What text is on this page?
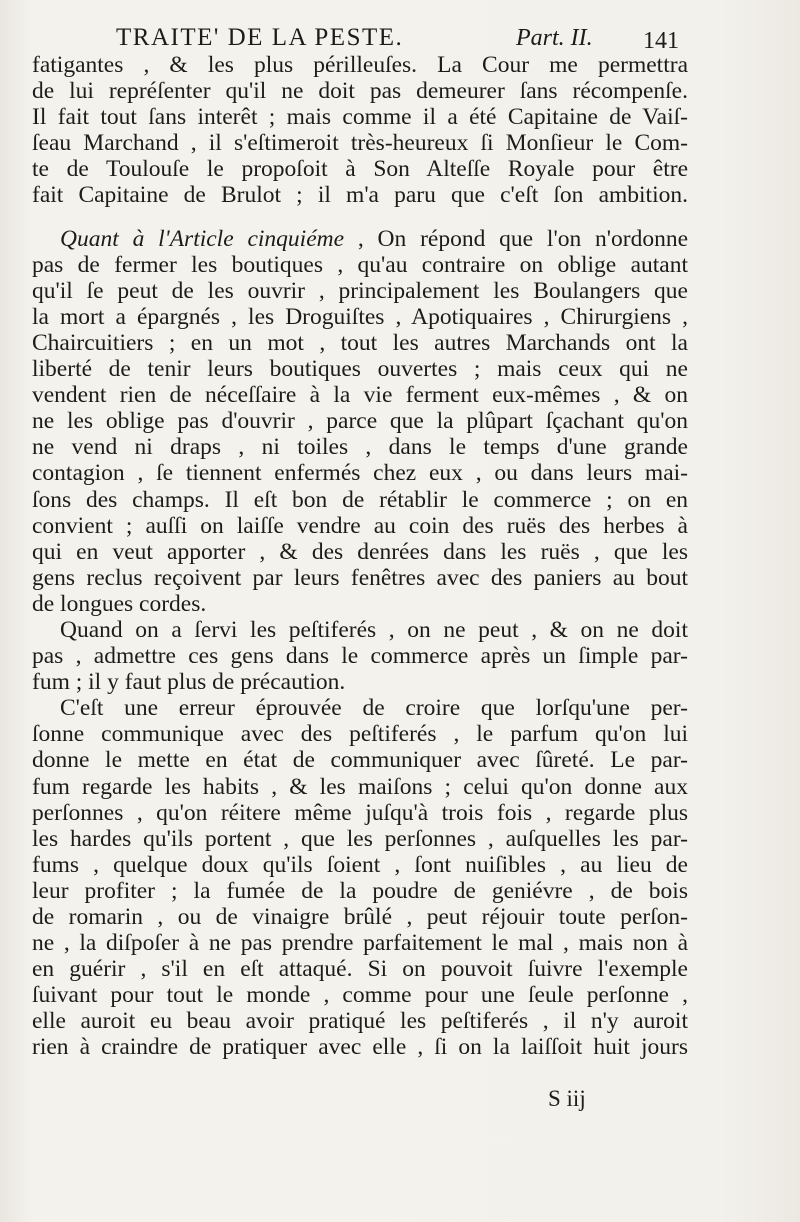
TRAITE' DE LA PESTE.	Part. II. 141
fatigantes , & les plus périlleuſes. La Cour me permettra
de lui repréſenter qu'il ne doit pas demeurer ſans récompenſe.
Il fait tout ſans interêt ; mais comme il a été Capitaine de Vaiſ-
ſeau Marchand , il s'eſtimeroit très-heureux ſi Monſieur le Com-
te de Toulouſe le propoſoit à Son Alteſſe Royale pour être
fait Capitaine de Brulot ; il m'a paru que c'eſt ſon ambition.
Quant à l'Article cinquiéme , On répond que l'on n'ordonne
pas de fermer les boutiques , qu'au contraire on oblige autant
qu'il ſe peut de les ouvrir , principalement les Boulangers que
la mort a épargnés , les Droguiſtes , Apotiquaires , Chirurgiens ,
Chaircuitiers ; en un mot , tout les autres Marchands ont la
liberté de tenir leurs boutiques ouvertes ; mais ceux qui ne
vendent rien de néceſſaire à la vie ferment eux-mêmes , & on
ne les oblige pas d'ouvrir , parce que la plûpart ſçachant qu'on
ne vend ni draps , ni toiles , dans le temps d'une grande
contagion , ſe tiennent enfermés chez eux , ou dans leurs mai-
ſons des champs. Il eſt bon de rétablir le commerce ; on en
convient ; auſſi on laiſſe vendre au coin des ruës des herbes à
qui en veut apporter , & des denrées dans les ruës , que les
gens reclus reçoivent par leurs fenêtres avec des paniers au bout
de longues cordes.
Quand on a ſervi les peſtiferés , on ne peut , & on ne doit
pas , admettre ces gens dans le commerce après un ſimple par-
fum ; il y faut plus de précaution.
C'eſt une erreur éprouvée de croire que lorſqu'une per-
ſonne communique avec des peſtiferés , le parfum qu'on lui
donne le mette en état de communiquer avec ſûreté. Le par-
fum regarde les habits , & les maiſons ; celui qu'on donne aux
perſonnes , qu'on réitere même juſqu'à trois fois , regarde plus
les hardes qu'ils portent , que les perſonnes , auſquelles les par-
fums , quelque doux qu'ils ſoient , ſont nuiſibles , au lieu de
leur profiter ; la fumée de la poudre de geniévre , de bois
de romarin , ou de vinaigre brûlé , peut réjouir toute perſon-
ne , la diſpoſer à ne pas prendre parfaitement le mal , mais non à
en guérir , s'il en eſt attaqué. Si on pouvoit ſuivre l'exemple
ſuivant pour tout le monde , comme pour une ſeule perſonne ,
elle auroit eu beau avoir pratiqué les peſtiferés , il n'y auroit
rien à craindre de pratiquer avec elle , ſi on la laiſſoit huit jours
S iij
